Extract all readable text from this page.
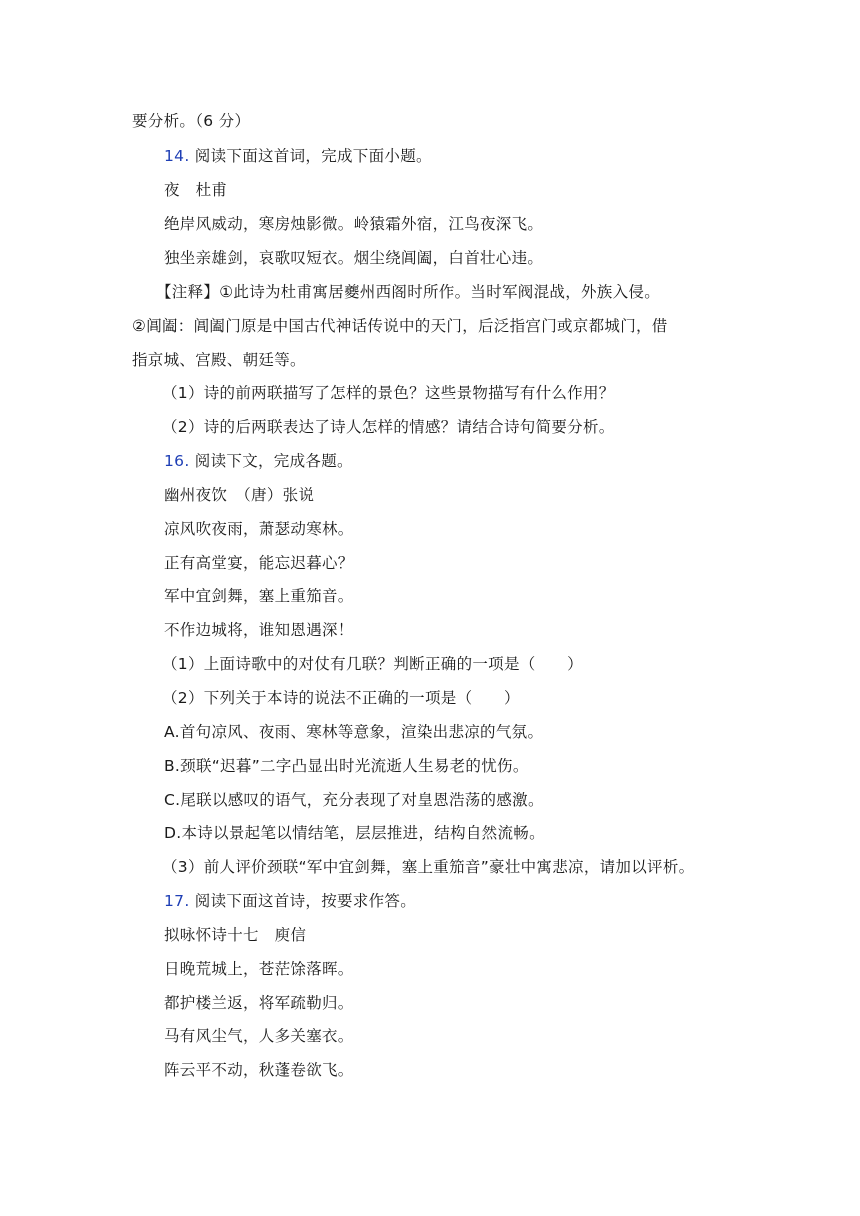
要分析。（6 分）
14. 阅读下面这首词，完成下面小题。
夜　杜甫
绝岸风威动，寒房烛影微。岭猿霜外宿，江鸟夜深飞。
独坐亲雄剑，哀歌叹短衣。烟尘绕阊阖，白首壮心违。
【注释】①此诗为杜甫寓居夔州西阁时所作。当时军阀混战，外族入侵。
②阊阖：阊阖门原是中国古代神话传说中的天门，后泛指宫门或京都城门，借
指京城、宫殿、朝廷等。
（1）诗的前两联描写了怎样的景色？这些景物描写有什么作用？
（2）诗的后两联表达了诗人怎样的情感？请结合诗句简要分析。
16. 阅读下文，完成各题。
幽州夜饮　（唐）张说
凉风吹夜雨，萧瑟动寒林。
正有高堂宴，能忘迟暮心？
军中宜剑舞，塞上重笳音。
不作边城将，谁知恩遇深！
（1）上面诗歌中的对仗有几联？判断正确的一项是（　　）
（2）下列关于本诗的说法不正确的一项是（　　）
A.首句凉风、夜雨、寒林等意象，渲染出悲凉的气氛。
B.颈联“迟暮”二字凸显出时光流逝人生易老的忧伤。
C.尾联以感叹的语气，充分表现了对皇恩浩荡的感激。
D.本诗以景起笔以情结笔，层层推进，结构自然流畅。
（3）前人评价颈联“军中宜剑舞，塞上重笳音”豪壮中寓悲凉，请加以评析。
17. 阅读下面这首诗，按要求作答。
拟咏怀诗十七　庾信
日晚荒城上，苍茫馀落晖。
都护楼兰返，将军疏勒归。
马有风尘气，人多关塞衣。
阵云平不动，秋蓬卷欲飞。
